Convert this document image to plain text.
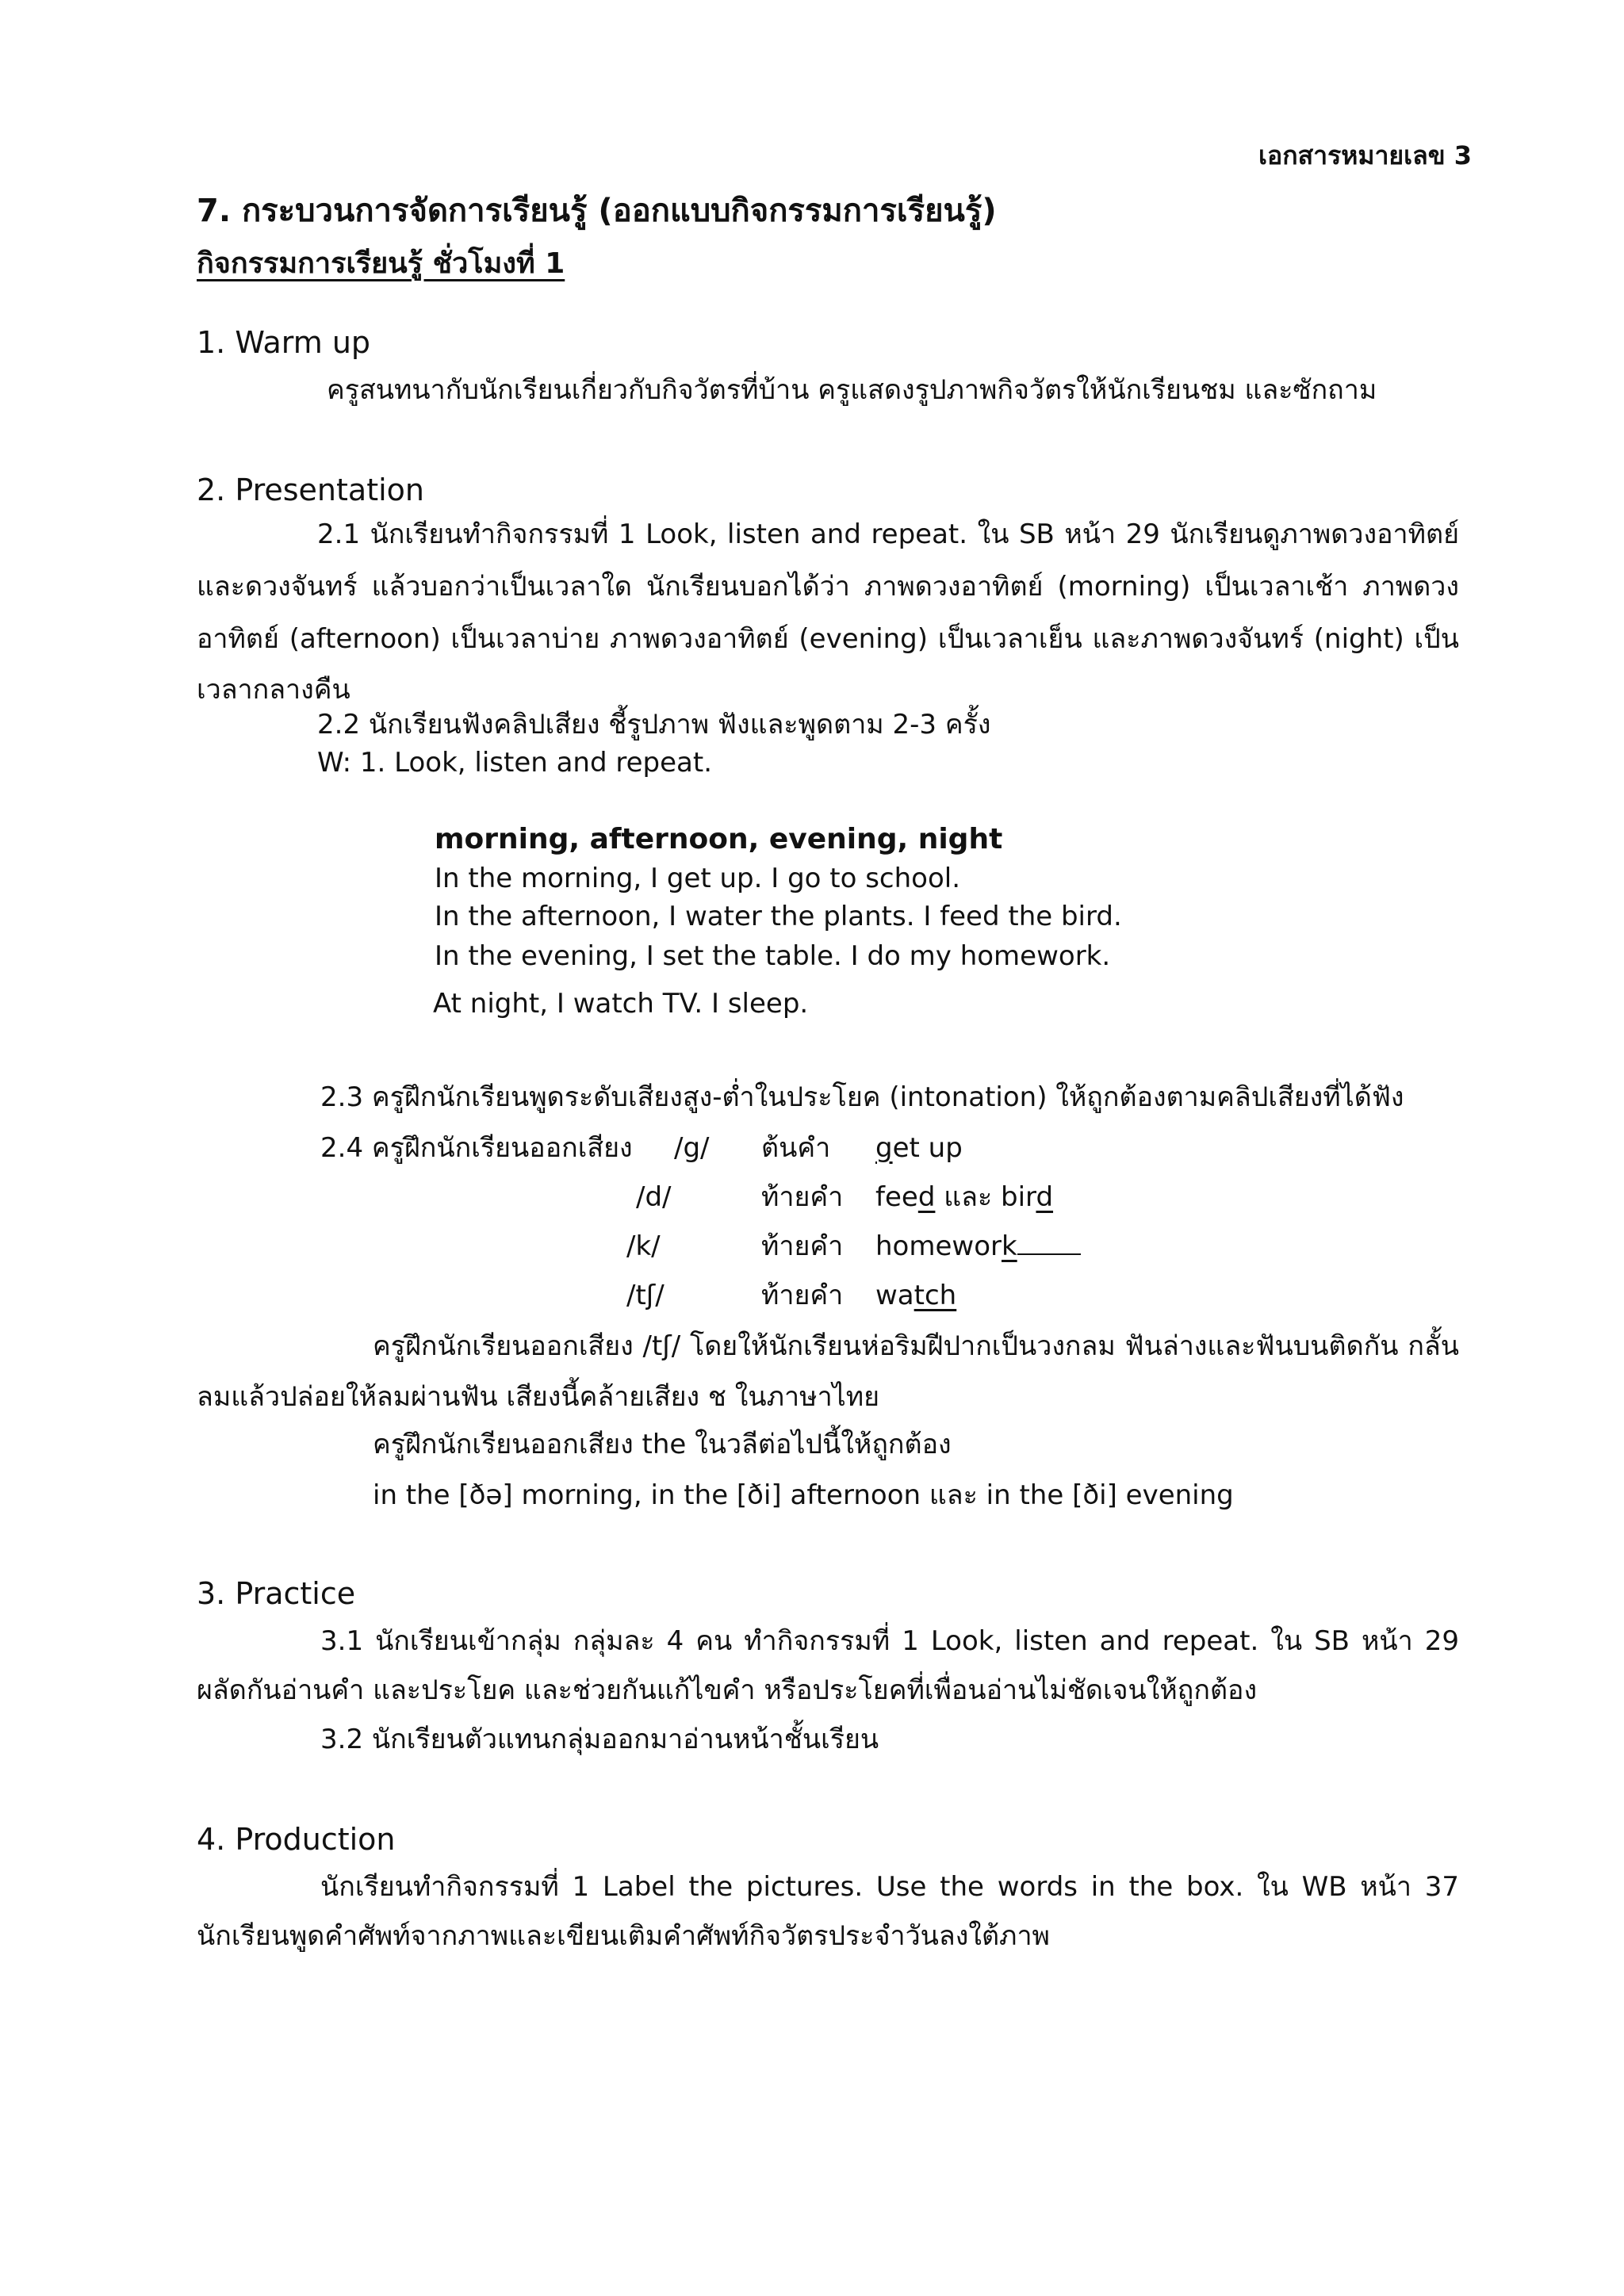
เอกสารหมายเลข 3
7. กระบวนการจัดการเรียนรู้ (ออกแบบกิจกรรมการเรียนรู้)
กิจกรรมการเรียนรู้ ชั่วโมงที่ 1
1. Warm up
ครูสนทนากับนักเรียนเกี่ยวกับกิจวัตรที่บ้าน ครูแสดงรูปภาพกิจวัตรให้นักเรียนชม และซักถาม
2. Presentation
2.1 นักเรียนทำกิจกรรมที่ 1 Look, listen and repeat. ใน SB หน้า 29 นักเรียนดูภาพดวงอาทิตย์
และดวงจันทร์ แล้วบอกว่าเป็นเวลาใด นักเรียนบอกได้ว่า ภาพดวงอาทิตย์ (morning) เป็นเวลาเช้า ภาพดวง
อาทิตย์ (afternoon) เป็นเวลาบ่าย ภาพดวงอาทิตย์ (evening) เป็นเวลาเย็น และภาพดวงจันทร์ (night) เป็น
เวลากลางคืน
2.2 นักเรียนฟังคลิปเสียง ชี้รูปภาพ ฟังและพูดตาม 2-3 ครั้ง
W: 1. Look, listen and repeat.
morning, afternoon, evening, night
In the morning, I get up. I go to school.
In the afternoon, I water the plants. I feed the bird.
In the evening, I set the table. I do my homework.
At night, I watch TV. I sleep.
2.3 ครูฝึกนักเรียนพูดระดับเสียงสูง-ต่ำในประโยค (intonation) ให้ถูกต้องตามคลิปเสียงที่ได้ฟัง
2.4 ครูฝึกนักเรียนออกเสียง /g/ ต้นคำ get up
/d/	ท้ายคำ feed และ bird
/k/	ท้ายคำ homework
/tʃ/	ท้ายคำ watch
ครูฝึกนักเรียนออกเสียง /tʃ/ โดยให้นักเรียนห่อริมฝีปากเป็นวงกลม ฟันล่างและฟันบนติดกัน กลั้น
ลมแล้วปล่อยให้ลมผ่านฟัน เสียงนี้คล้ายเสียง ช ในภาษาไทย
ครูฝึกนักเรียนออกเสียง the ในวลีต่อไปนี้ให้ถูกต้อง
in the [ðə] morning, in the [ði] afternoon และ in the [ði] evening
3. Practice
3.1 นักเรียนเข้ากลุ่ม กลุ่มละ 4 คน ทำกิจกรรมที่ 1 Look, listen and repeat. ใน SB หน้า 29
ผลัดกันอ่านคำ และประโยค และช่วยกันแก้ไขคำ หรือประโยคที่เพื่อนอ่านไม่ชัดเจนให้ถูกต้อง
3.2 นักเรียนตัวแทนกลุ่มออกมาอ่านหน้าชั้นเรียน
4. Production
นักเรียนทำกิจกรรมที่ 1 Label the pictures. Use the words in the box. ใน WB หน้า 37
นักเรียนพูดคำศัพท์จากภาพและเขียนเติมคำศัพท์กิจวัตรประจำวันลงใต้ภาพ
